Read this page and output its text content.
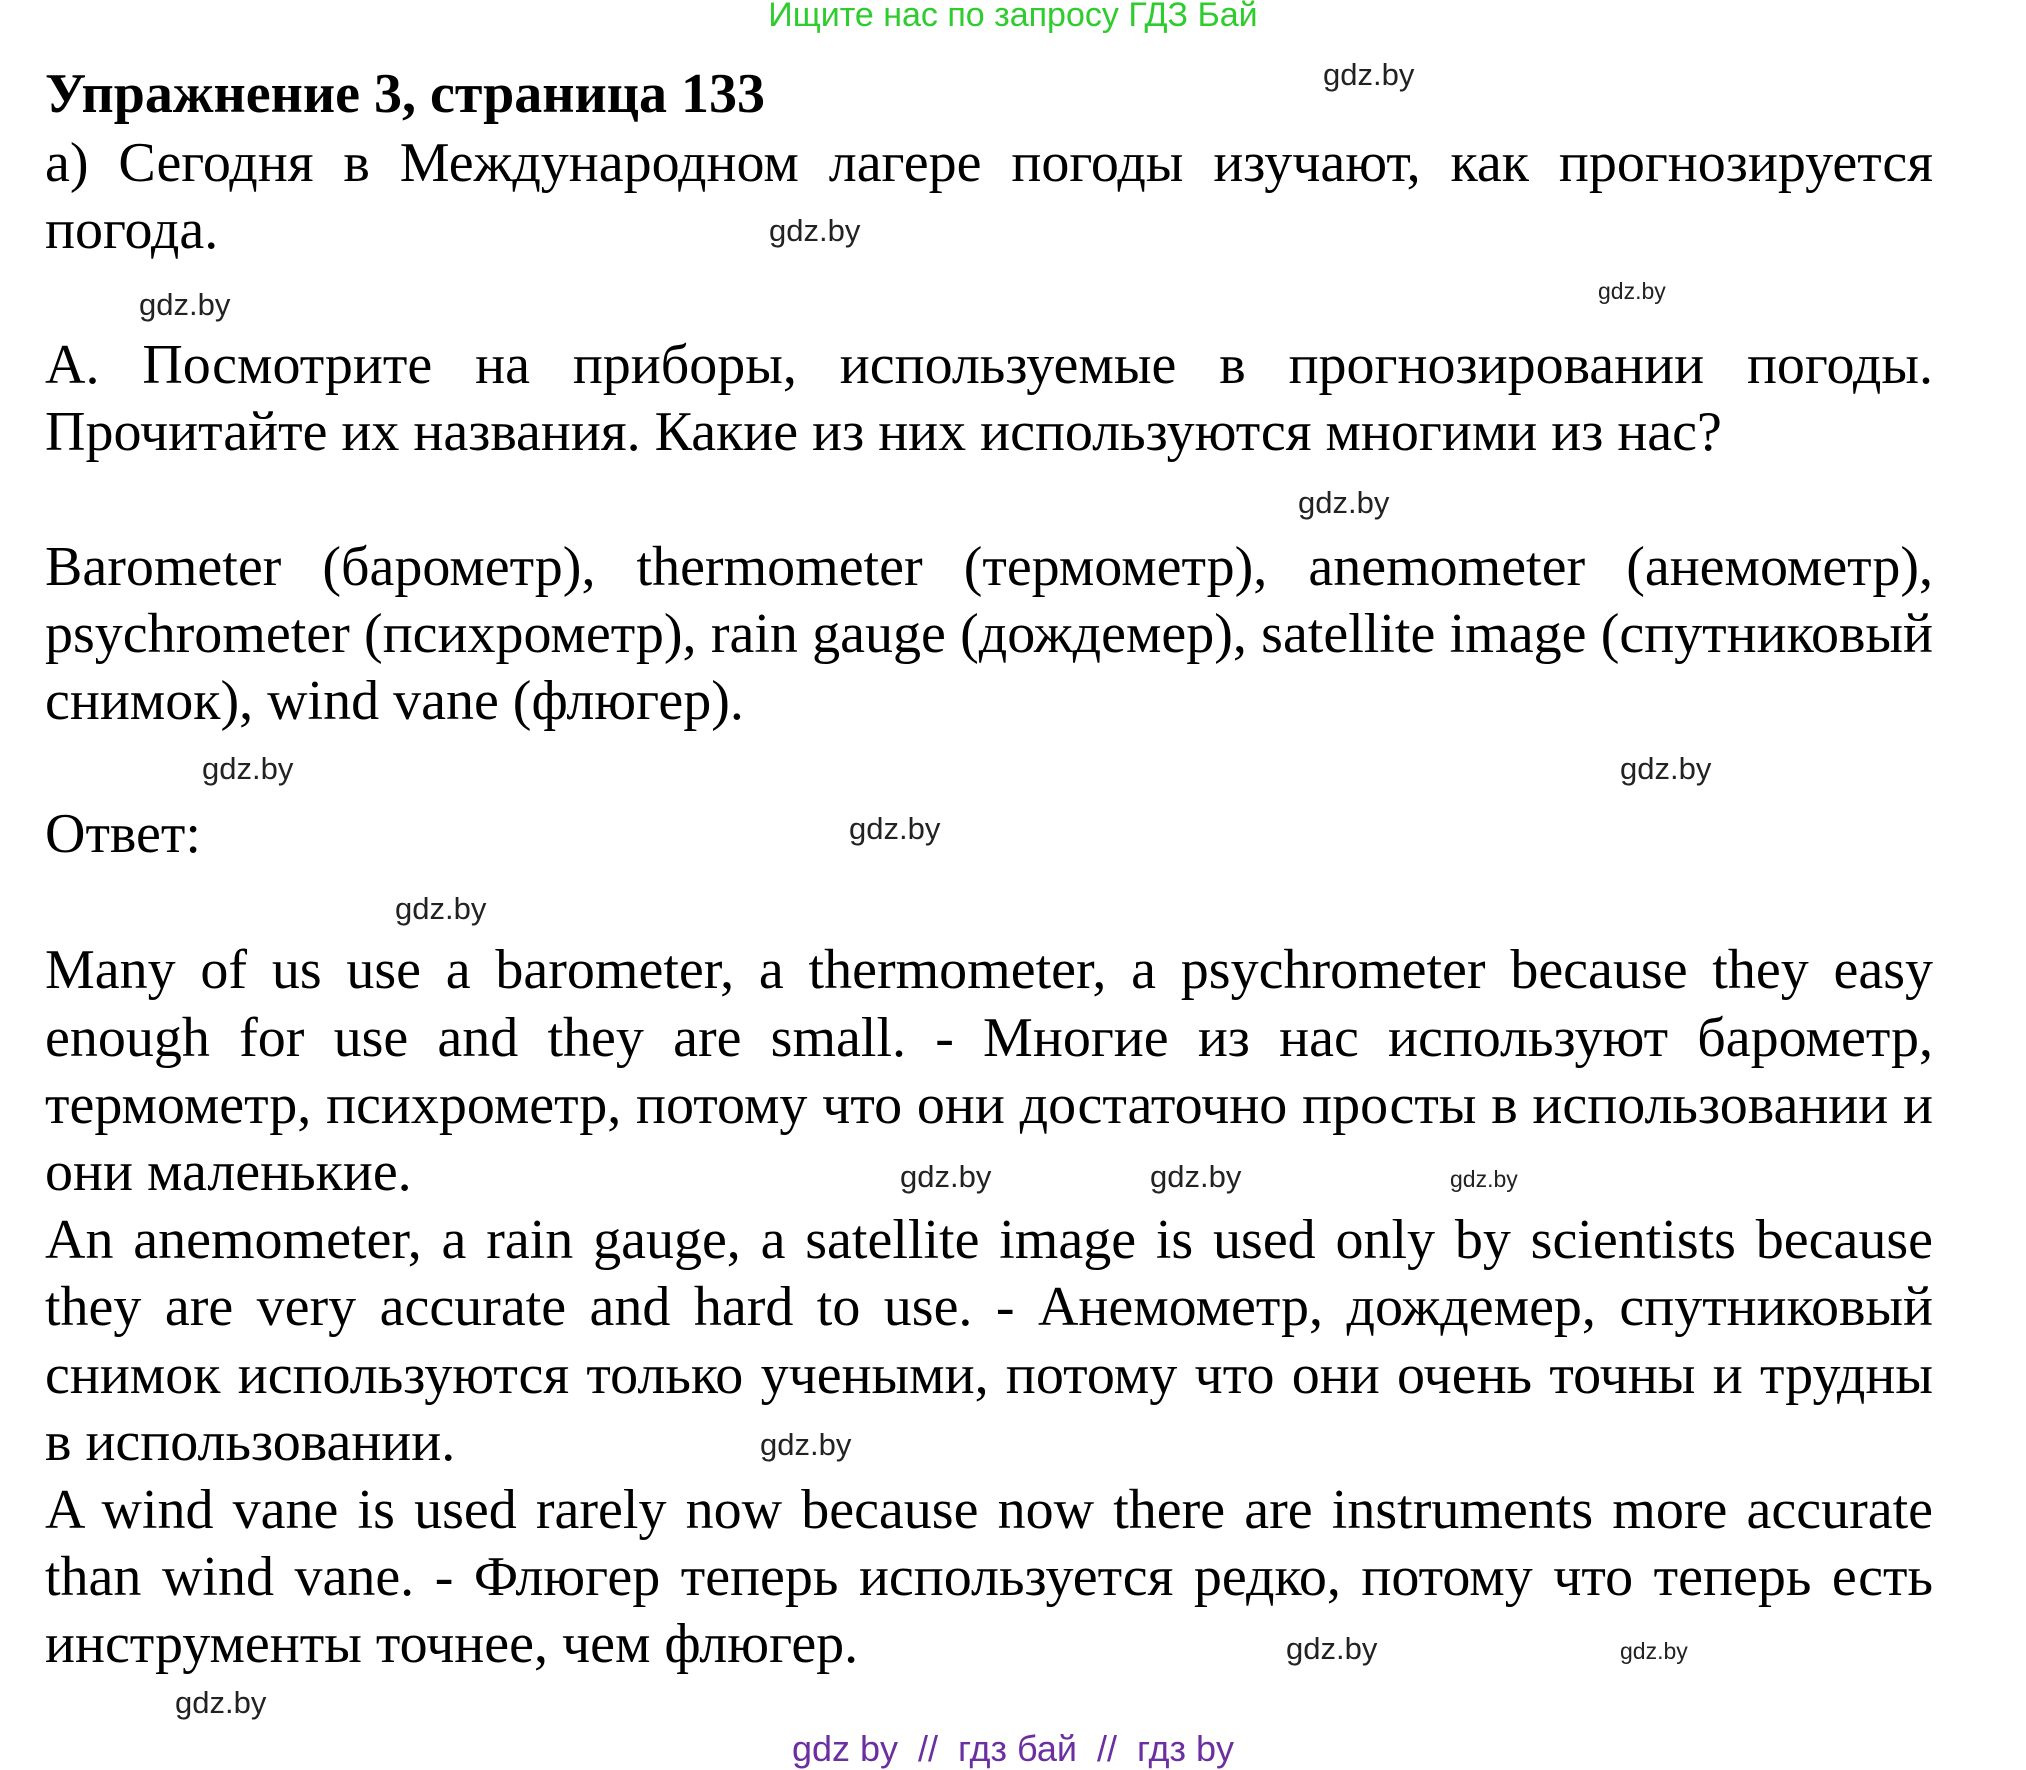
Ищите нас по запросу ГДЗ Бай
Упражнение 3, страница 133

а) Сегодня в Международном лагере погоды изучают, как прогнозируется погода.

А. Посмотрите на приборы, используемые в прогнозировании погоды. Прочитайте их названия. Какие из них используются многими из нас?

Barometer (барометр), thermometer (термометр), anemometer (анемометр), psychrometer (психрометр), rain gauge (дождемер), satellite image (спутниковый снимок), wind vane (флюгер).

Ответ:

Many of us use a barometer, a thermometer, a psychrometer because they easy enough for use and they are small. - Многие из нас используют барометр, термометр, психрометр, потому что они достаточно просты в использовании и они маленькие.

An anemometer, a rain gauge, a satellite image is used only by scientists because they are very accurate and hard to use. - Анемометр, дождемер, спутниковый снимок используются только учеными, потому что они очень точны и трудны в использовании.

A wind vane is used rarely now because now there are instruments more accurate than wind vane. - Флюгер теперь используется редко, потому что теперь есть инструменты точнее, чем флюгер.

gdz.by
gdz.by
gdz.by
gdz.by
gdz.by
gdz.by
gdz.by
gdz.by
gdz.by
gdz.by	gdz.by
gdz.by
gdz.by
gdz.by
gdz.by
gdz.by
gdz by  //  гдз бай  //  гдз by
